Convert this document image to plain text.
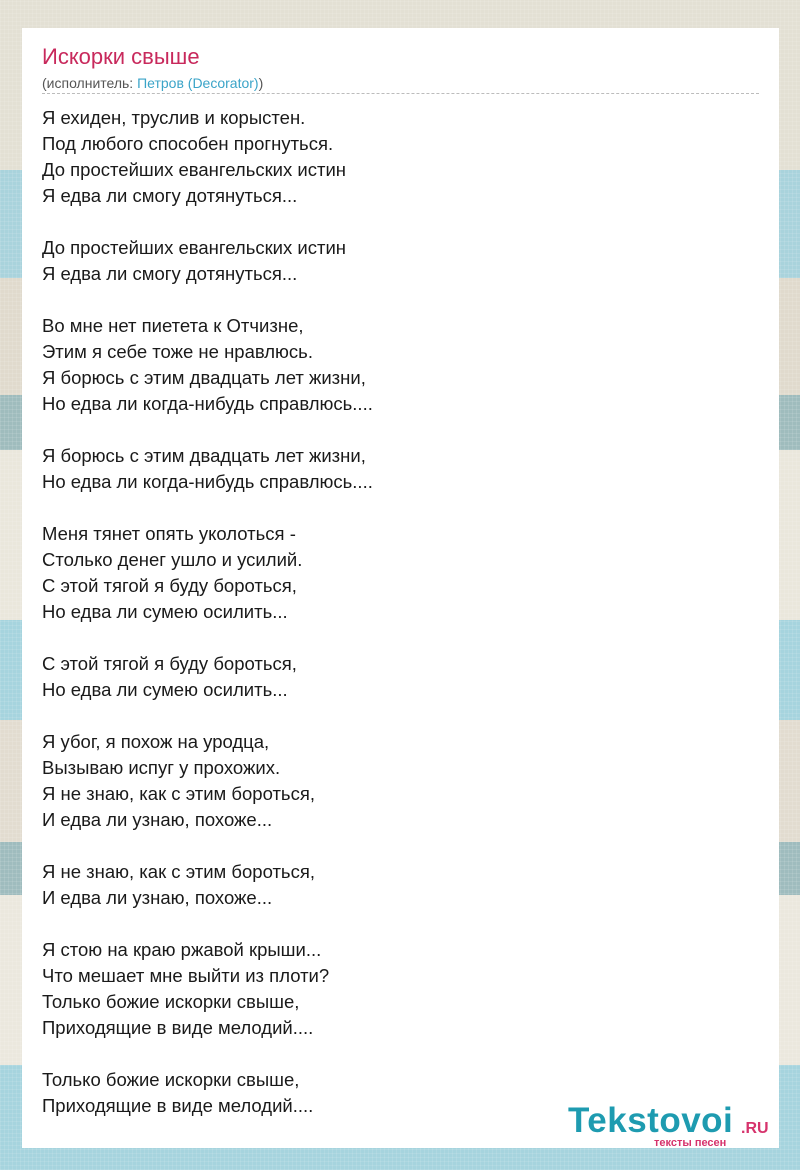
Искорки свыше
(исполнитель: Петров (Decorator))
Я ехиден, труслив и корыстен.
Под любого способен прогнуться.
До простейших евангельских истин
Я едва ли смогу дотянуться...
До простейших евангельских истин
Я едва ли смогу дотянуться...
Во мне нет пиетета к Отчизне,
Этим я себе тоже не нравлюсь.
Я борюсь с этим двадцать лет жизни,
Но едва ли когда-нибудь справлюсь....
Я борюсь с этим двадцать лет жизни,
Но едва ли когда-нибудь справлюсь....
Меня тянет опять уколоться -
Столько денег ушло и усилий.
С этой тягой я буду бороться,
Но едва ли сумею осилить...
С этой тягой я буду бороться,
Но едва ли сумею осилить...
Я убог, я похож на уродца,
Вызываю испуг у прохожих.
Я не знаю, как с этим бороться,
И едва ли узнаю, похоже...
Я не знаю, как с этим бороться,
И едва ли узнаю, похоже...
Я стою на краю ржавой крыши...
Что мешает мне выйти из плоти?
Только божие искорки свыше,
Приходящие в виде мелодий....
Только божие искорки свыше,
Приходящие в виде мелодий....	Tekstovoi .RU
тексты песен
